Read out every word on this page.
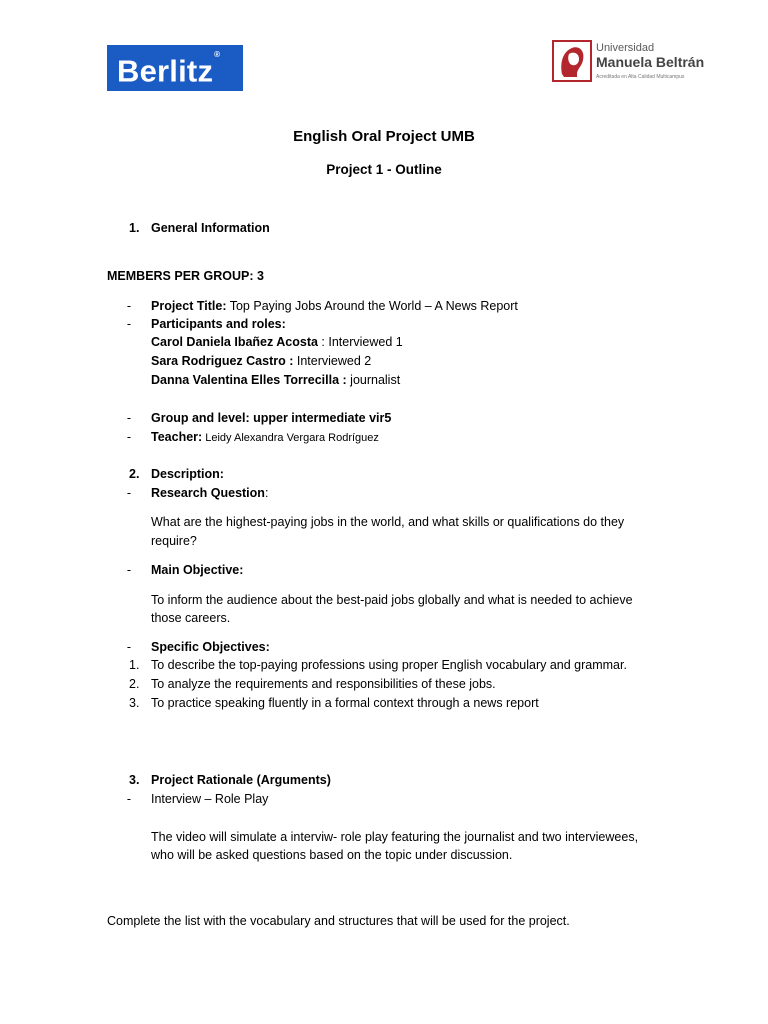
Berlitz®
Universidad
Manuela Beltrán
Acreditada en Alta Calidad Multicampus
English Oral Project UMB
Project 1 - Outline
1. General Information
MEMBERS PER GROUP: 3
-	Project Title: Top Paying Jobs Around the World – A News Report
-	Participants and roles:
Carol Daniela Ibañez Acosta : Interviewed 1
Sara Rodriguez Castro : Interviewed 2
Danna Valentina Elles Torrecilla : journalist
-	Group and level: upper intermediate vir5
-	Teacher: Leidy Alexandra Vergara Rodríguez
2. Description:
-	Research Question:
What are the highest-paying jobs in the world, and what skills or qualifications do they
require?
-	Main Objective:
To inform the audience about the best-paid jobs globally and what is needed to achieve
those careers.
-	Specific Objectives:
1. To describe the top-paying professions using proper English vocabulary and grammar.
2. To analyze the requirements and responsibilities of these jobs.
3. To practice speaking fluently in a formal context through a news report
3. Project Rationale (Arguments)
-	Interview – Role Play
The video will simulate a interviw- role play featuring the journalist and two interviewees,
who will be asked questions based on the topic under discussion.
Complete the list with the vocabulary and structures that will be used for the project.
